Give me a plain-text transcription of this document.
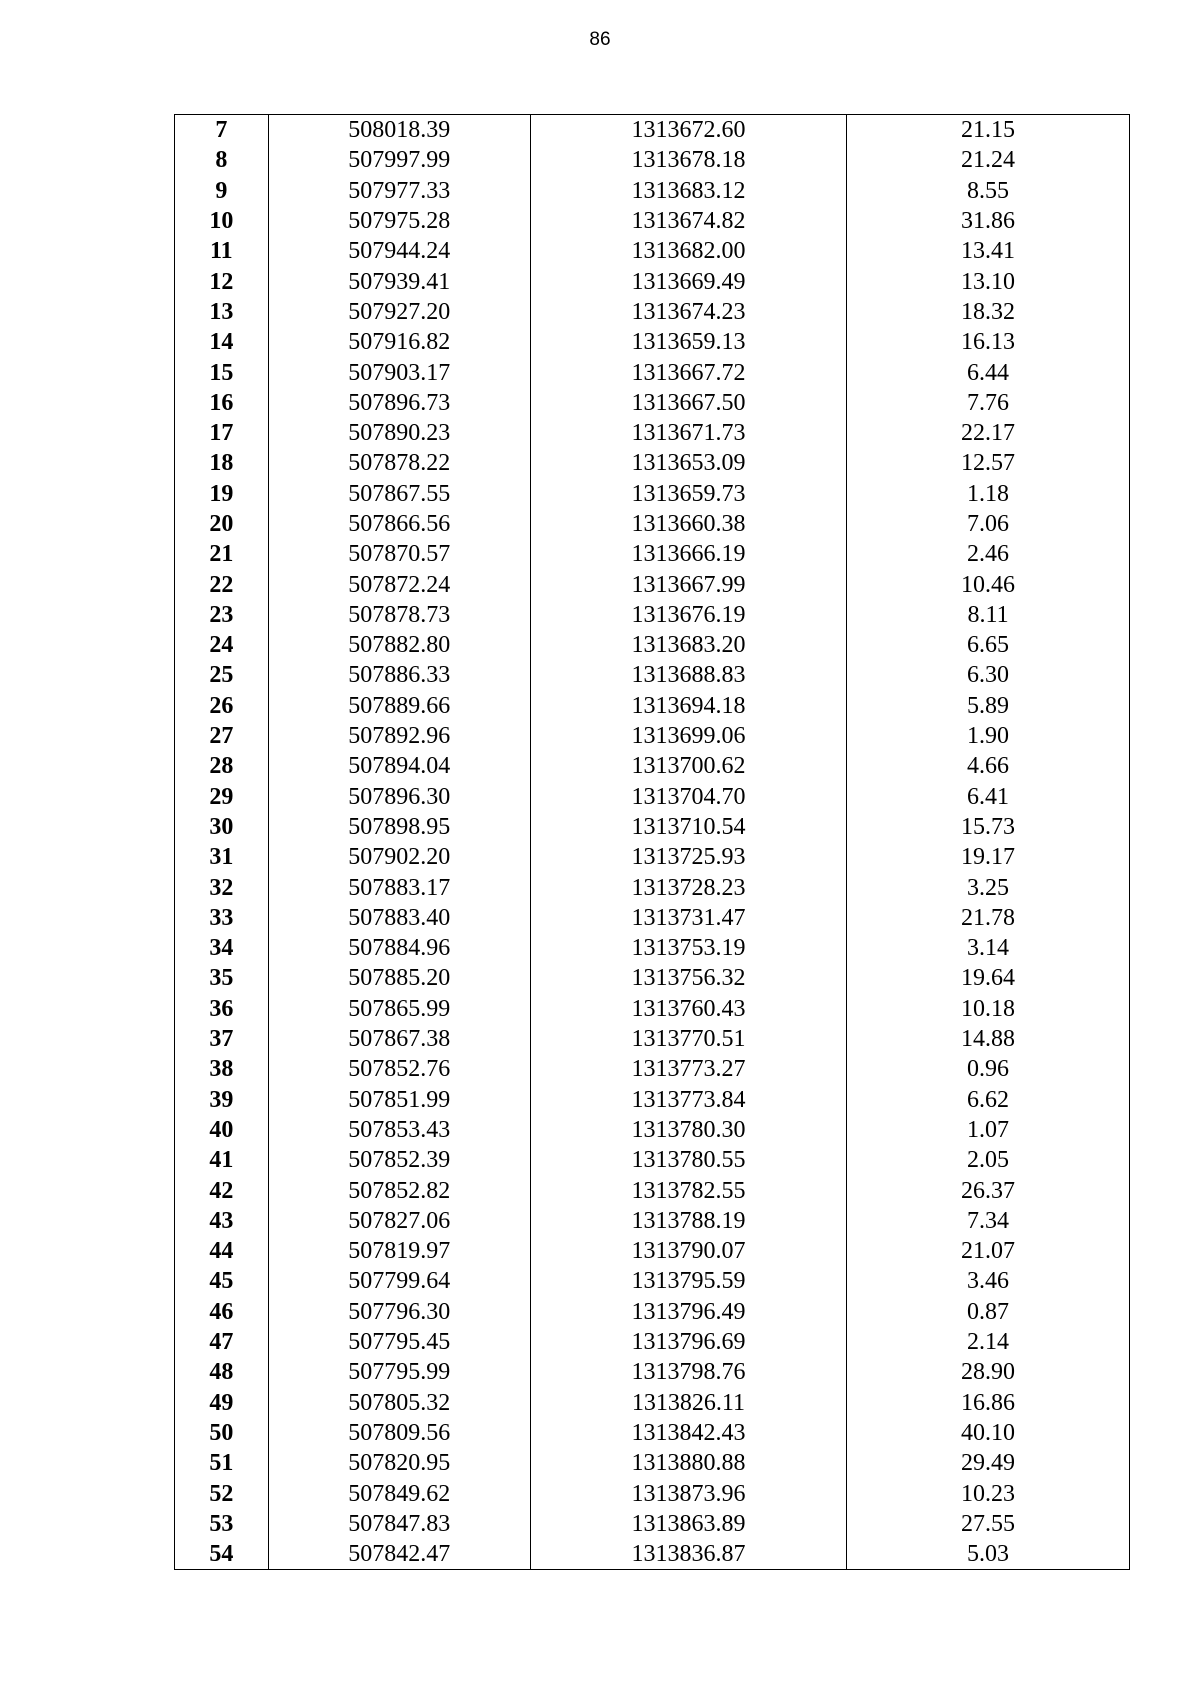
86
7	508018.39	1313672.60	21.15
8	507997.99	1313678.18	21.24
9	507977.33	1313683.12	8.55
10	507975.28	1313674.82	31.86
11	507944.24	1313682.00	13.41
12	507939.41	1313669.49	13.10
13	507927.20	1313674.23	18.32
14	507916.82	1313659.13	16.13
15	507903.17	1313667.72	6.44
16	507896.73	1313667.50	7.76
17	507890.23	1313671.73	22.17
18	507878.22	1313653.09	12.57
19	507867.55	1313659.73	1.18
20	507866.56	1313660.38	7.06
21	507870.57	1313666.19	2.46
22	507872.24	1313667.99	10.46
23	507878.73	1313676.19	8.11
24	507882.80	1313683.20	6.65
25	507886.33	1313688.83	6.30
26	507889.66	1313694.18	5.89
27	507892.96	1313699.06	1.90
28	507894.04	1313700.62	4.66
29	507896.30	1313704.70	6.41
30	507898.95	1313710.54	15.73
31	507902.20	1313725.93	19.17
32	507883.17	1313728.23	3.25
33	507883.40	1313731.47	21.78
34	507884.96	1313753.19	3.14
35	507885.20	1313756.32	19.64
36	507865.99	1313760.43	10.18
37	507867.38	1313770.51	14.88
38	507852.76	1313773.27	0.96
39	507851.99	1313773.84	6.62
40	507853.43	1313780.30	1.07
41	507852.39	1313780.55	2.05
42	507852.82	1313782.55	26.37
43	507827.06	1313788.19	7.34
44	507819.97	1313790.07	21.07
45	507799.64	1313795.59	3.46
46	507796.30	1313796.49	0.87
47	507795.45	1313796.69	2.14
48	507795.99	1313798.76	28.90
49	507805.32	1313826.11	16.86
50	507809.56	1313842.43	40.10
51	507820.95	1313880.88	29.49
52	507849.62	1313873.96	10.23
53	507847.83	1313863.89	27.55
54	507842.47	1313836.87	5.03
